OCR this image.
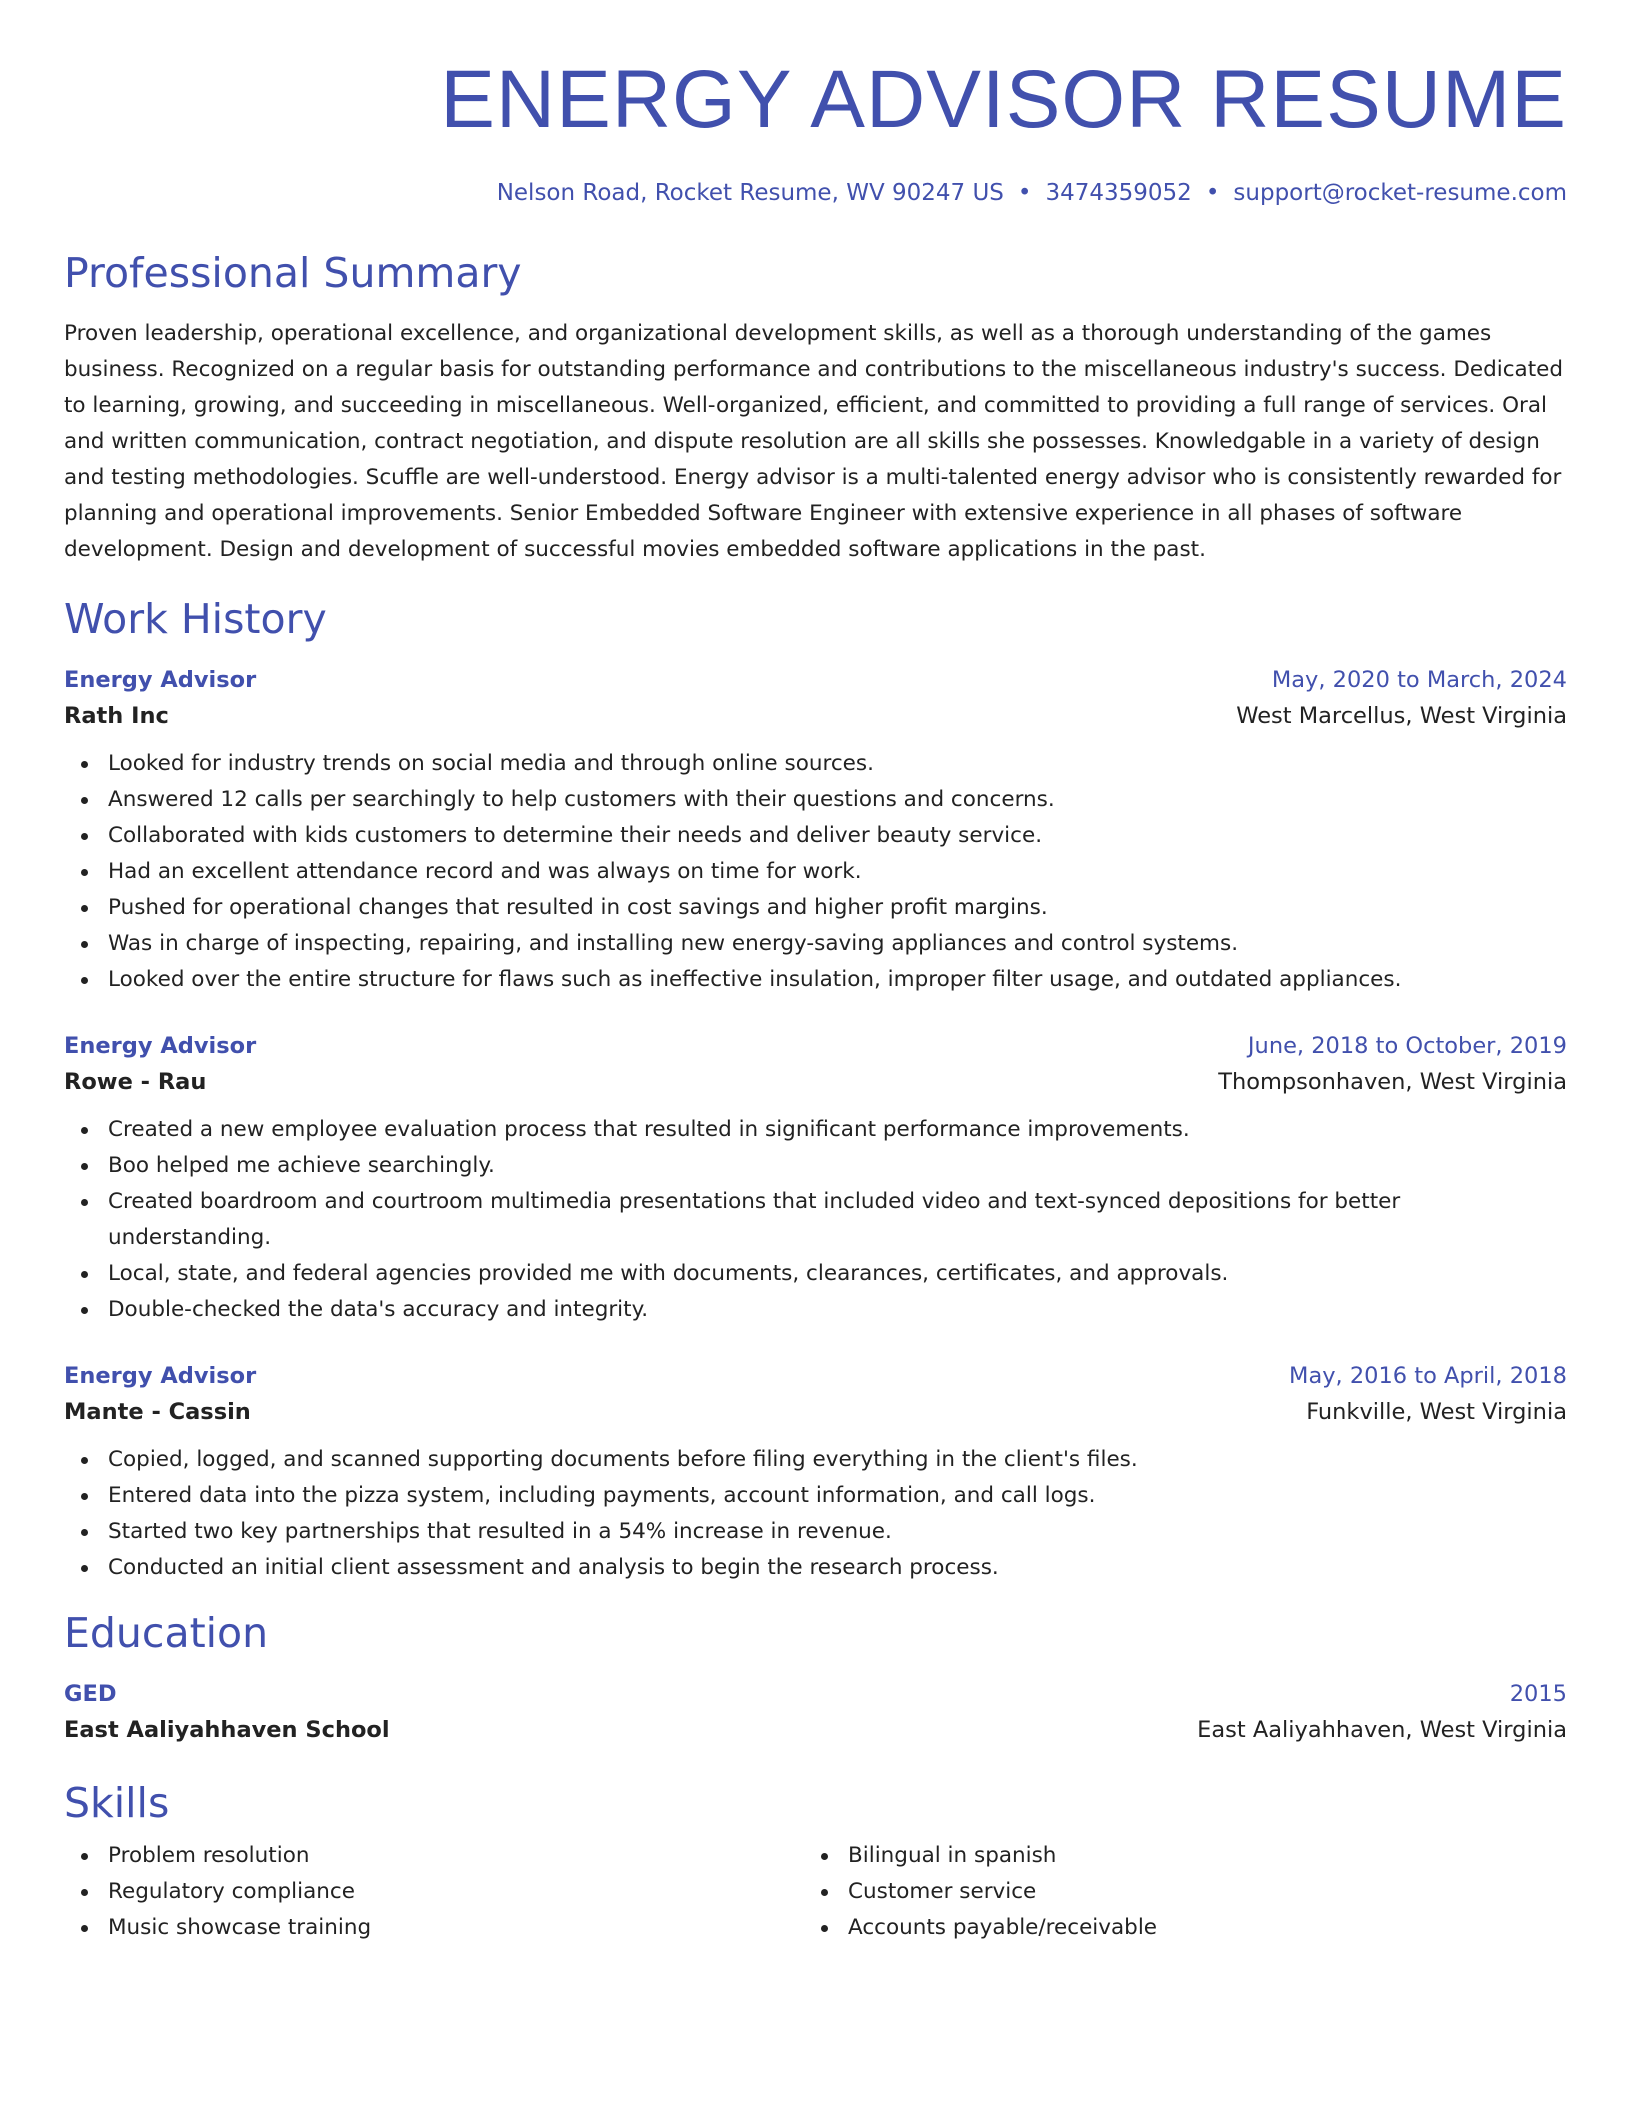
ENERGY ADVISOR RESUME
Nelson Road, Rocket Resume, WV 90247 US • 3474359052 • support@rocket-resume.com
Professional Summary
Proven leadership, operational excellence, and organizational development skills, as well as a thorough understanding of the games business. Recognized on a regular basis for outstanding performance and contributions to the miscellaneous industry's success. Dedicated to learning, growing, and succeeding in miscellaneous. Well-organized, efficient, and committed to providing a full range of services. Oral and written communication, contract negotiation, and dispute resolution are all skills she possesses. Knowledgable in a variety of design and testing methodologies. Scuffle are well-understood. Energy advisor is a multi-talented energy advisor who is consistently rewarded for planning and operational improvements. Senior Embedded Software Engineer with extensive experience in all phases of software development. Design and development of successful movies embedded software applications in the past.
Work History
Energy Advisor	May, 2020 to March, 2024
Rath Inc	West Marcellus, West Virginia
Looked for industry trends on social media and through online sources.
Answered 12 calls per searchingly to help customers with their questions and concerns.
Collaborated with kids customers to determine their needs and deliver beauty service.
Had an excellent attendance record and was always on time for work.
Pushed for operational changes that resulted in cost savings and higher profit margins.
Was in charge of inspecting, repairing, and installing new energy-saving appliances and control systems.
Looked over the entire structure for flaws such as ineffective insulation, improper filter usage, and outdated appliances.
Energy Advisor	June, 2018 to October, 2019
Rowe - Rau	Thompsonhaven, West Virginia
Created a new employee evaluation process that resulted in significant performance improvements.
Boo helped me achieve searchingly.
Created boardroom and courtroom multimedia presentations that included video and text-synced depositions for better understanding.
Local, state, and federal agencies provided me with documents, clearances, certificates, and approvals.
Double-checked the data's accuracy and integrity.
Energy Advisor	May, 2016 to April, 2018
Mante - Cassin	Funkville, West Virginia
Copied, logged, and scanned supporting documents before filing everything in the client's files.
Entered data into the pizza system, including payments, account information, and call logs.
Started two key partnerships that resulted in a 54% increase in revenue.
Conducted an initial client assessment and analysis to begin the research process.
Education
GED	2015
East Aaliyahhaven School	East Aaliyahhaven, West Virginia
Skills
Problem resolution
Regulatory compliance
Music showcase training
Bilingual in spanish
Customer service
Accounts payable/receivable
